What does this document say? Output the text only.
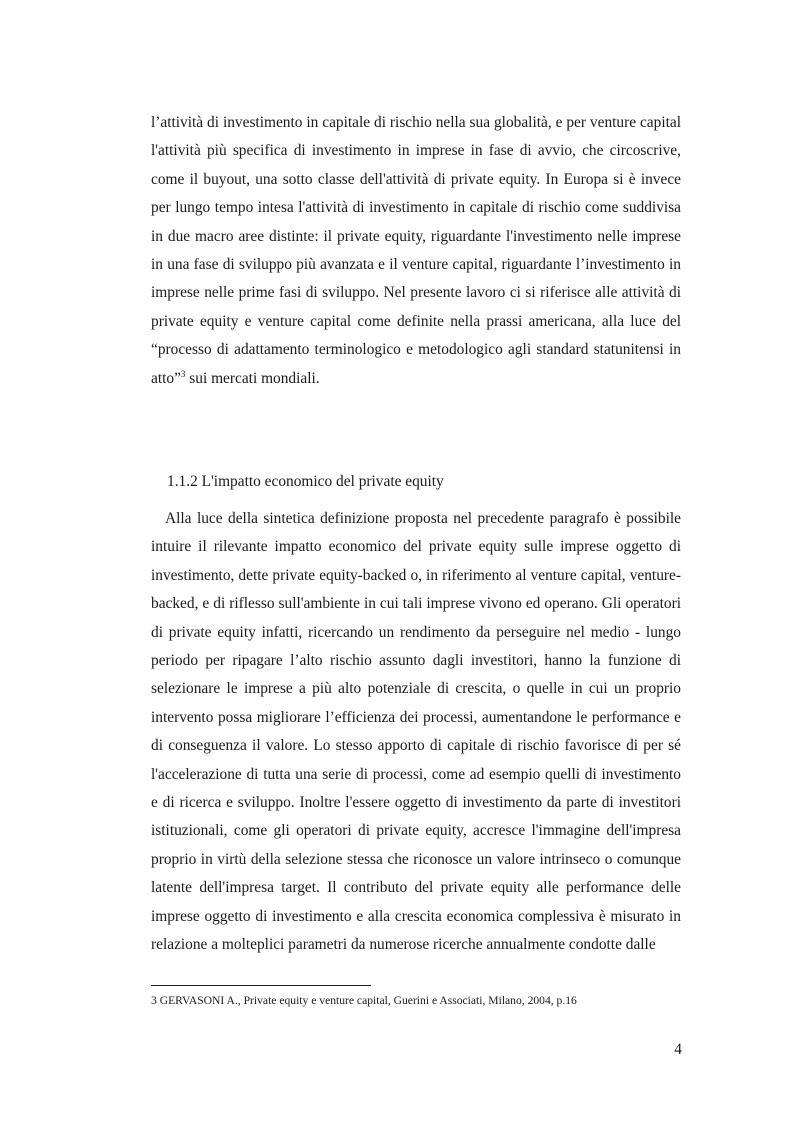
l’attività di investimento in capitale di rischio nella sua globalità, e per venture capital l'attività più specifica di investimento in imprese in fase di avvio, che circoscrive, come il buyout, una sotto classe dell'attività di private equity. In Europa si è invece per lungo tempo intesa l'attività di investimento in capitale di rischio come suddivisa in due macro aree distinte: il private equity, riguardante l'investimento nelle imprese in una fase di sviluppo più avanzata e il venture capital, riguardante l’investimento in imprese nelle prime fasi di sviluppo. Nel presente lavoro ci si riferisce alle attività di private equity e venture capital come definite nella prassi americana, alla luce del “processo di adattamento terminologico e metodologico agli standard statunitensi in atto”$^3$ sui mercati mondiali.

1.1.2 L'impatto economico del private equity

Alla luce della sintetica definizione proposta nel precedente paragrafo è possibile intuire il rilevante impatto economico del private equity sulle imprese oggetto di investimento, dette private equity-backed o, in riferimento al venture capital, venture-backed, e di riflesso sull'ambiente in cui tali imprese vivono ed operano. Gli operatori di private equity infatti, ricercando un rendimento da perseguire nel medio - lungo periodo per ripagare l’alto rischio assunto dagli investitori, hanno la funzione di selezionare le imprese a più alto potenziale di crescita, o quelle in cui un proprio intervento possa migliorare l’efficienza dei processi, aumentandone le performance e di conseguenza il valore. Lo stesso apporto di capitale di rischio favorisce di per sé l'accelerazione di tutta una serie di processi, come ad esempio quelli di investimento e di ricerca e sviluppo. Inoltre l'essere oggetto di investimento da parte di investitori istituzionali, come gli operatori di private equity, accresce l'immagine dell'impresa proprio in virtù della selezione stessa che riconosce un valore intrinseco o comunque latente dell'impresa target. Il contributo del private equity alle performance delle imprese oggetto di investimento e alla crescita economica complessiva è misurato in relazione a molteplici parametri da numerose ricerche annualmente condotte dalle

3 GERVASONI A., Private equity e venture capital, Guerini e Associati, Milano, 2004, p.16

4
